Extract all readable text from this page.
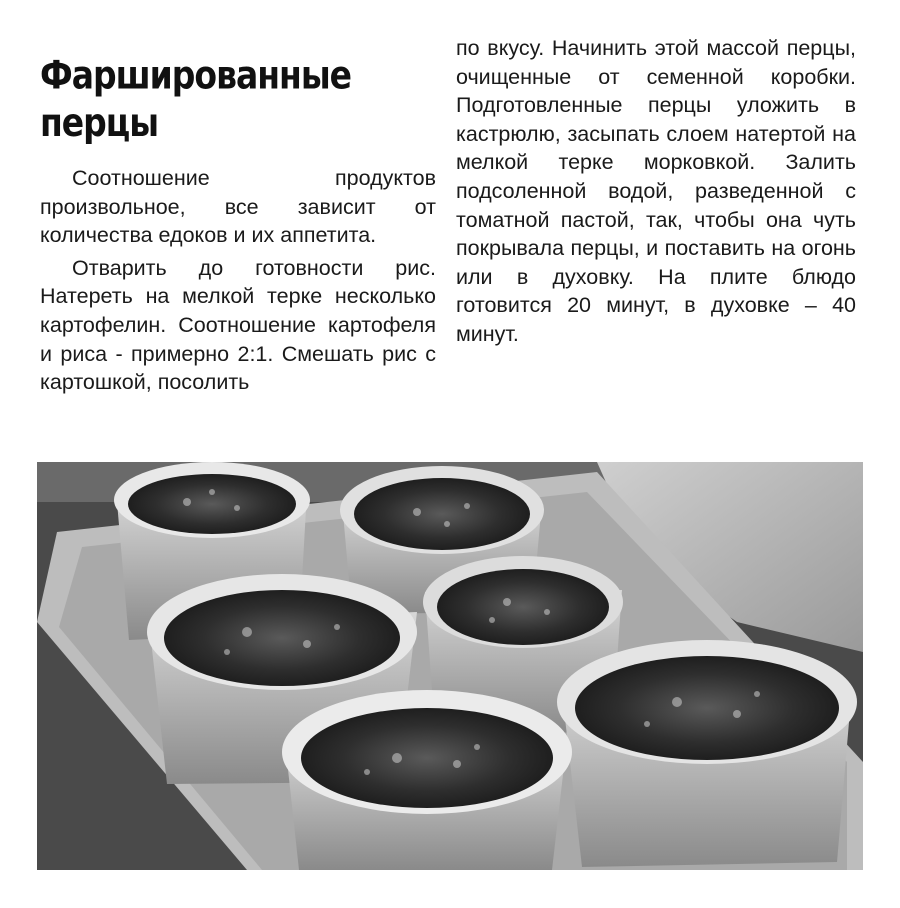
Фаршированные
перцы

Соотношение продуктов произвольное, все зависит от количества едоков и их аппетита.

Отварить до готовности рис. Натереть на мелкой терке несколько картофелин. Соотношение картофеля и риса - примерно 2:1. Смешать рис с картошкой, посолить

по вкусу. Начинить этой массой перцы, очищенные от семенной коробки. Подготовленные перцы уложить в кастрюлю, засыпать слоем натертой на мелкой терке морковкой. Залить подсоленной водой, разведенной с томатной пастой, так, чтобы она чуть покрывала перцы, и поставить на огонь или в духовку. На плите блюдо готовится 20 минут, в духовке – 40 минут.
